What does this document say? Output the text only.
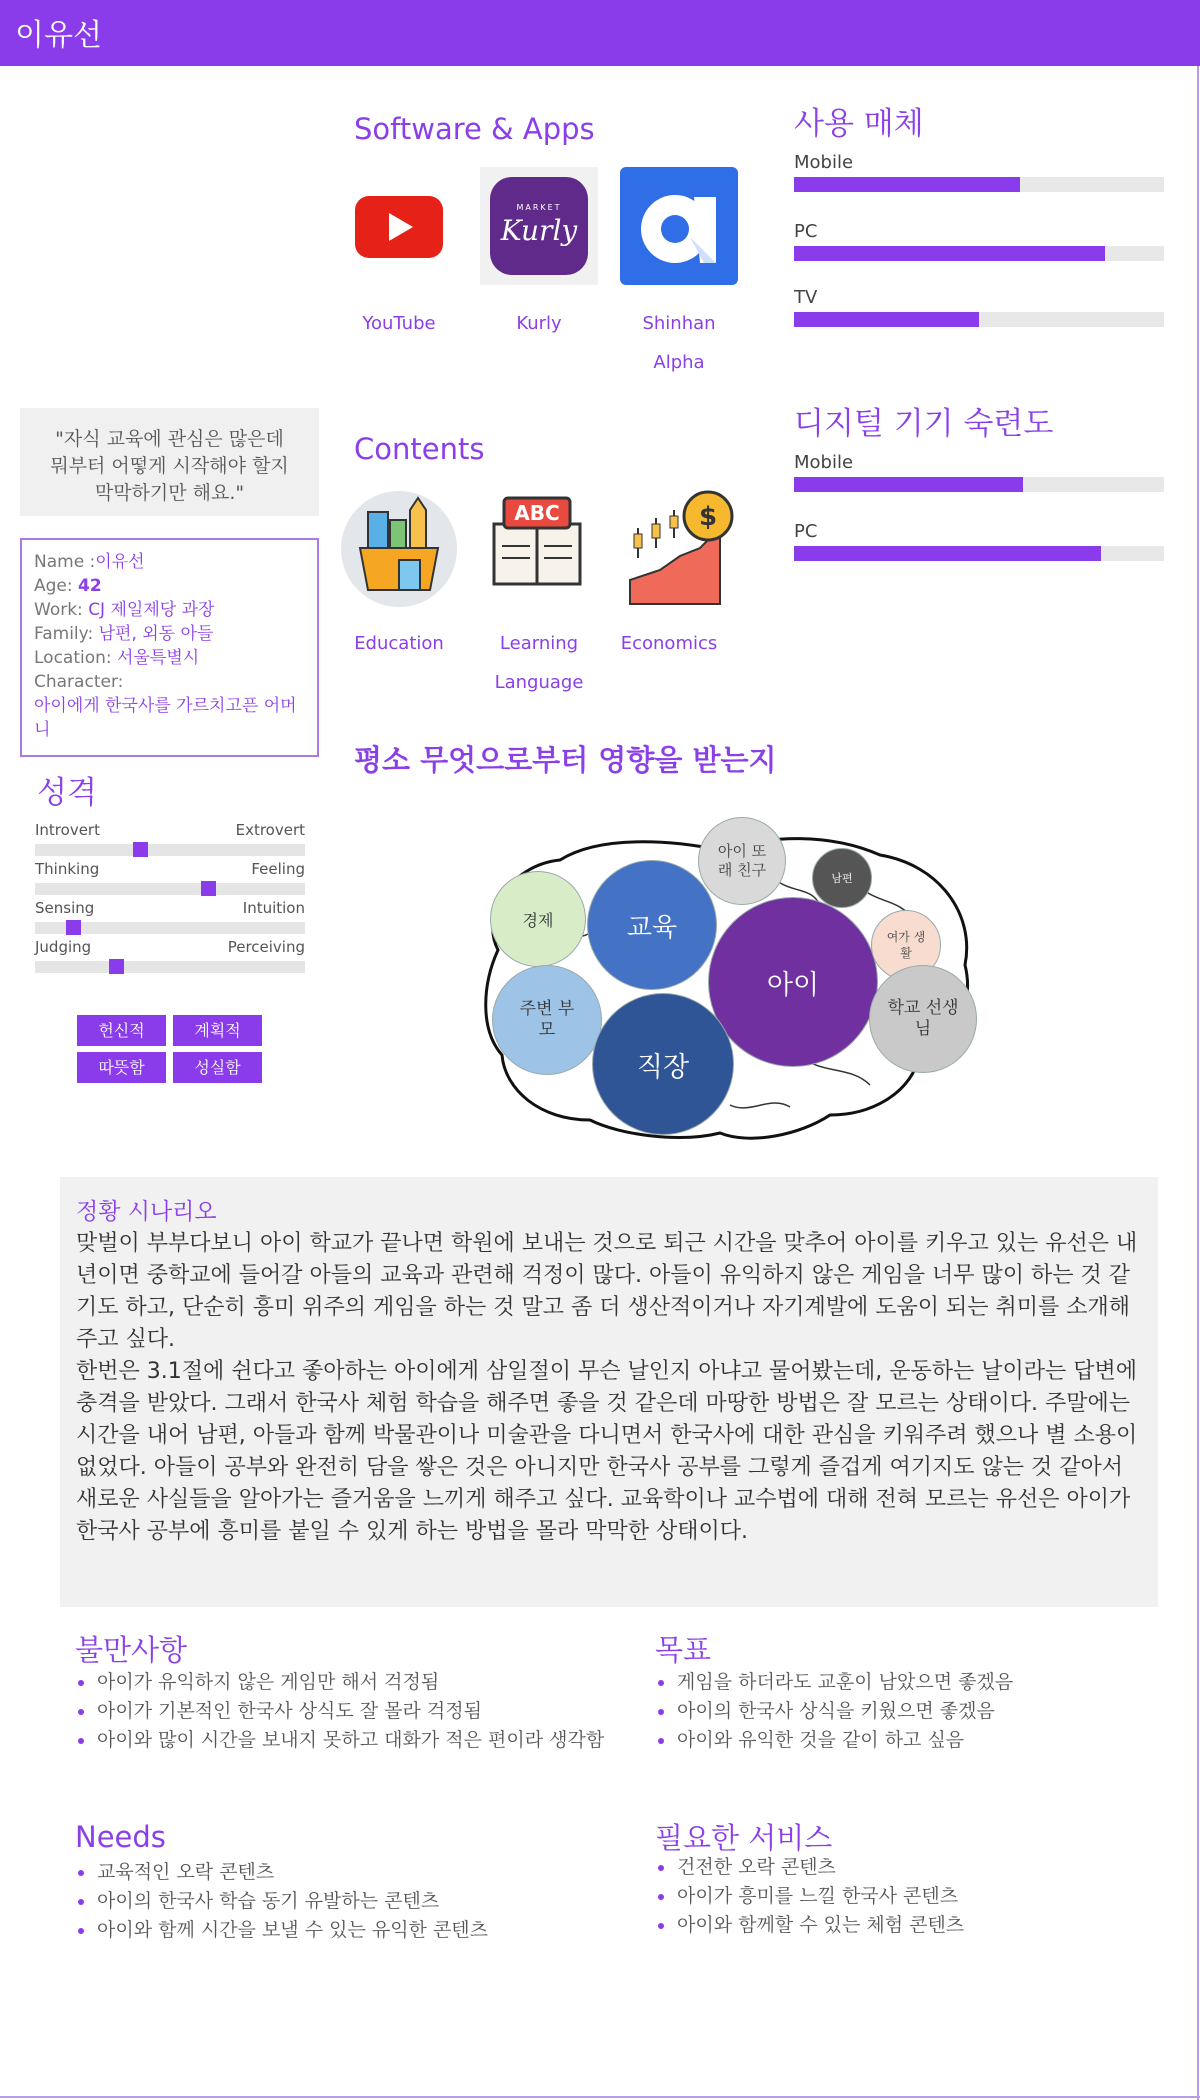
이유선
Software & Apps
MARKET
Kurly
YouTube	Kurly	Shinhan
Alpha
Contents
ABC	$
Education	Learning
Language
Economics
사용 매체
Mobile
PC
TV
디지털 기기 숙련도
Mobile
PC
"자식 교육에 관심은 많은데
뭐부터 어떻게 시작해야 할지
막막하기만 해요."
Name :이유선
Age: 42
Work: CJ 제일제당 과장
Family: 남편, 외동 아들
Location: 서울특별시
Character:
아이에게 한국사를 가르치고픈 어머니
성격
Introvert	Extrovert
Thinking	Feeling
Sensing	Intuition
Judging	Perceiving
헌신적	계획적
따뜻함	성실함
평소 무엇으로부터 영향을 받는지
경제	교육
아이 또래 친구	남편
아이
여가 생활
주변 부모
직장
학교 선생님
정황 시나리오

맞벌이 부부다보니 아이 학교가 끝나면 학원에 보내는 것으로 퇴근 시간을 맞추어 아이를 키우고 있는 유선은 내년이면 중학교에 들어갈 아들의 교육과 관련해 걱정이 많다. 아들이 유익하지 않은 게임을 너무 많이 하는 것 같기도 하고, 단순히 흥미 위주의 게임을 하는 것 말고 좀 더 생산적이거나 자기계발에 도움이 되는 취미를 소개해주고 싶다.

한번은 3.1절에 쉰다고 좋아하는 아이에게 삼일절이 무슨 날인지 아냐고 물어봤는데, 운동하는 날이라는 답변에 충격을 받았다. 그래서 한국사 체험 학습을 해주면 좋을 것 같은데 마땅한 방법은 잘 모르는 상태이다. 주말에는 시간을 내어 남편, 아들과 함께 박물관이나 미술관을 다니면서 한국사에 대한 관심을 키워주려 했으나 별 소용이 없었다. 아들이 공부와 완전히 담을 쌓은 것은 아니지만 한국사 공부를 그렇게 즐겁게 여기지도 않는 것 같아서 새로운 사실들을 알아가는 즐거움을 느끼게 해주고 싶다. 교육학이나 교수법에 대해 전혀 모르는 유선은 아이가 한국사 공부에 흥미를 붙일 수 있게 하는 방법을 몰라 막막한 상태이다.

불만사항
아이가 유익하지 않은 게임만 해서 걱정됨
아이가 기본적인 한국사 상식도 잘 몰라 걱정됨
아이와 많이 시간을 보내지 못하고 대화가 적은 편이라 생각함
목표
게임을 하더라도 교훈이 남았으면 좋겠음
아이의 한국사 상식을 키웠으면 좋겠음
아이와 유익한 것을 같이 하고 싶음
Needs
교육적인 오락 콘텐츠
아이의 한국사 학습 동기 유발하는 콘텐츠
아이와 함께 시간을 보낼 수 있는 유익한 콘텐츠
필요한 서비스
건전한 오락 콘텐츠
아이가 흥미를 느낄 한국사 콘텐츠
아이와 함께할 수 있는 체험 콘텐츠
